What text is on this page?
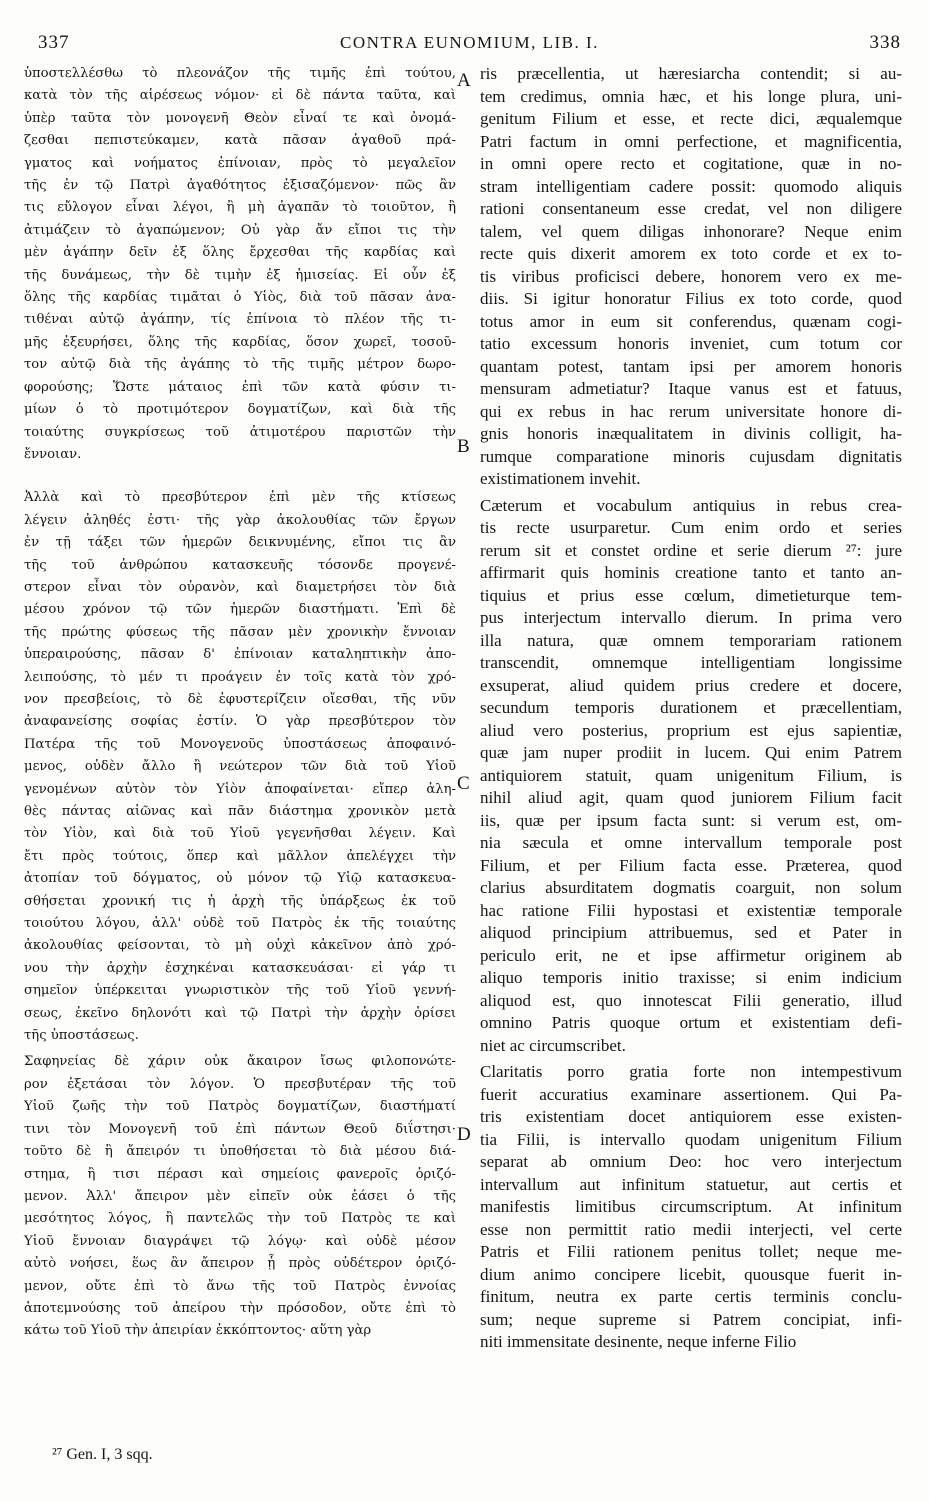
337	CONTRA EUNOMIUM, LIB. I.	338
ὑποστελλέσθω τὸ πλεονάζον τῆς τιμῆς ἐπὶ τούτου,
κατὰ τὸν τῆς αἱρέσεως νόμον· εἰ δὲ πάντα ταῦτα, καὶ
ὑπὲρ ταῦτα τὸν μονογενῆ Θεὸν εἶναί τε καὶ ὀνομά-
ζεσθαι πεπιστεύκαμεν, κατὰ πᾶσαν ἀγαθοῦ πρά-
γματος καὶ νοήματος ἐπίνοιαν, πρὸς τὸ μεγαλεῖον
τῆς ἐν τῷ Πατρὶ ἀγαθότητος ἐξισαζόμενον· πῶς ἂν
τις εὔλογον εἶναι λέγοι, ἢ μὴ ἀγαπᾶν τὸ τοιοῦτον, ἢ
ἀτιμάζειν τὸ ἀγαπώμενον; Οὐ γὰρ ἄν εἴποι τις τὴν
μὲν ἀγάπην δεῖν ἐξ ὅλης ἔρχεσθαι τῆς καρδίας καὶ
τῆς δυνάμεως, τὴν δὲ τιμὴν ἐξ ἡμισείας. Εἰ οὖν ἐξ
ὅλης τῆς καρδίας τιμᾶται ὁ Υἱὸς, διὰ τοῦ πᾶσαν ἀνα-
τιθέναι αὐτῷ ἀγάπην, τίς ἐπίνοια τὸ πλέον τῆς τι-
μῆς ἐξευρήσει, ὅλης τῆς καρδίας, ὅσον χωρεῖ, τοσοῦ-
τον αὐτῷ διὰ τῆς ἀγάπης τὸ τῆς τιμῆς μέτρον δωρο-
φορούσης; Ὥστε μάταιος ἐπὶ τῶν κατὰ φύσιν τι-
μίων ὁ τὸ προτιμότερον δογματίζων, καὶ διὰ τῆς
τοιαύτης συγκρίσεως τοῦ ἀτιμοτέρου παριστῶν τὴν
ἔννοιαν.
Ἀλλὰ καὶ τὸ πρεσβύτερον ἐπὶ μὲν τῆς κτίσεως
λέγειν ἀληθές ἐστι· τῆς γὰρ ἀκολουθίας τῶν ἔργων
ἐν τῇ τάξει τῶν ἡμερῶν δεικνυμένης, εἴποι τις ἂν
τῆς τοῦ ἀνθρώπου κατασκευῆς τόσονδε προγενέ-
στερον εἶναι τὸν οὐρανὸν, καὶ διαμετρήσει τὸν διὰ
μέσου χρόνον τῷ τῶν ἡμερῶν διαστήματι. Ἐπὶ δὲ
τῆς πρώτης φύσεως τῆς πᾶσαν μὲν χρονικὴν ἔννοιαν
ὑπεραιρούσης, πᾶσαν δ' ἐπίνοιαν καταληπτικὴν ἀπο-
λειπούσης, τὸ μέν τι προάγειν ἐν τοῖς κατὰ τὸν χρό-
νον πρεσβείοις, τὸ δὲ ἐφυστερίζειν οἴεσθαι, τῆς νῦν
ἀναφανείσης σοφίας ἐστίν. Ὁ γὰρ πρεσβύτερον τὸν
Πατέρα τῆς τοῦ Μονογενοῦς ὑποστάσεως ἀποφαινό-
μενος, οὐδὲν ἄλλο ἢ νεώτερον τῶν διὰ τοῦ Υἱοῦ
γενομένων αὐτὸν τὸν Υἱὸν ἀποφαίνεται· εἴπερ ἀλη-
θὲς πάντας αἰῶνας καὶ πᾶν διάστημα χρονικὸν μετὰ
τὸν Υἱὸν, καὶ διὰ τοῦ Υἱοῦ γεγενῆσθαι λέγειν. Καὶ
ἔτι πρὸς τούτοις, ὅπερ καὶ μᾶλλον ἀπελέγχει τὴν
ἀτοπίαν τοῦ δόγματος, οὐ μόνον τῷ Υἱῷ κατασκευα-
σθήσεται χρονική τις ἡ ἀρχὴ τῆς ὑπάρξεως ἐκ τοῦ
τοιούτου λόγου, ἀλλ' οὐδὲ τοῦ Πατρὸς ἐκ τῆς τοιαύτης
ἀκολουθίας φείσονται, τὸ μὴ οὐχὶ κἀκεῖνον ἀπὸ χρό-
νου τὴν ἀρχὴν ἐσχηκέναι κατασκευάσαι· εἰ γάρ τι
σημεῖον ὑπέρκειται γνωριστικὸν τῆς τοῦ Υἱοῦ γεννή-
σεως, ἐκεῖνο δηλονότι καὶ τῷ Πατρὶ τὴν ἀρχὴν ὁρίσει
τῆς ὑποστάσεως.
Σαφηνείας δὲ χάριν οὐκ ἄκαιρον ἴσως φιλοπονώτε-
ρον ἐξετάσαι τὸν λόγον. Ὁ πρεσβυτέραν τῆς τοῦ
Υἱοῦ ζωῆς τὴν τοῦ Πατρὸς δογματίζων, διαστήματί
τινι τὸν Μονογενῆ τοῦ ἐπὶ πάντων Θεοῦ διΐστησι·
τοῦτο δὲ ἢ ἄπειρόν τι ὑποθήσεται τὸ διὰ μέσου διά-
στημα, ἢ τισι πέρασι καὶ σημείοις φανεροῖς ὁριζό-
μενον. Ἀλλ' ἄπειρον μὲν εἰπεῖν οὐκ ἐάσει ὁ τῆς
μεσότητος λόγος, ἢ παντελῶς τὴν τοῦ Πατρὸς τε καὶ
Υἱοῦ ἔννοιαν διαγράψει τῷ λόγῳ· καὶ οὐδὲ μέσον
αὐτὸ νοήσει, ἕως ἂν ἄπειρον ᾖ πρὸς οὐδέτερον ὁριζό-
μενον, οὔτε ἐπὶ τὸ ἄνω τῆς τοῦ Πατρὸς ἐννοίας
ἀποτεμνούσης τοῦ ἀπείρου τὴν πρόσοδον, οὔτε ἐπὶ τὸ
κάτω τοῦ Υἱοῦ τὴν ἀπειρίαν ἐκκόπτοντος· αὕτη γὰρ
ris præcellentia, ut hæresiarcha contendit; si au-
tem credimus, omnia hæc, et his longe plura, uni-
genitum Filium et esse, et recte dici, æqualemque
Patri factum in omni perfectione, et magnificentia,
in omni opere recto et cogitatione, quæ in no-
stram intelligentiam cadere possit: quomodo aliquis
rationi consentaneum esse credat, vel non diligere
talem, vel quem diligas inhonorare? Neque enim
recte quis dixerit amorem ex toto corde et ex to-
tis viribus proficisci debere, honorem vero ex me-
diis. Si igitur honoratur Filius ex toto corde, quod
totus amor in eum sit conferendus, quænam cogi-
tatio excessum honoris inveniet, cum totum cor
quantam potest, tantam ipsi per amorem honoris
mensuram admetiatur? Itaque vanus est et fatuus,
qui ex rebus in hac rerum universitate honore di-
gnis honoris inæqualitatem in divinis colligit, ha-
rumque comparatione minoris cujusdam dignitatis
existimationem invehit.
Cæterum et vocabulum antiquius in rebus crea-
tis recte usurparetur. Cum enim ordo et series
rerum sit et constet ordine et serie dierum ²⁷: jure
affirmarit quis hominis creatione tanto et tanto an-
tiquius et prius esse cœlum, dimetieturque tem-
pus interjectum intervallo dierum. In prima vero
illa natura, quæ omnem temporariam rationem
transcendit, omnemque intelligentiam longissime
exsuperat, aliud quidem prius credere et docere,
secundum temporis durationem et præcellentiam,
aliud vero posterius, proprium est ejus sapientiæ,
quæ jam nuper prodiit in lucem. Qui enim Patrem
antiquiorem statuit, quam unigenitum Filium, is
nihil aliud agit, quam quod juniorem Filium facit
iis, quæ per ipsum facta sunt: si verum est, om-
nia sæcula et omne intervallum temporale post
Filium, et per Filium facta esse. Præterea, quod
clarius absurditatem dogmatis coarguit, non solum
hac ratione Filii hypostasi et existentiæ temporale
aliquod principium attribuemus, sed et Pater in
periculo erit, ne et ipse affirmetur originem ab
aliquo temporis initio traxisse; si enim indicium
aliquod est, quo innotescat Filii generatio, illud
omnino Patris quoque ortum et existentiam defi-
niet ac circumscribet.
Claritatis porro gratia forte non intempestivum
fuerit accuratius examinare assertionem. Qui Pa-
tris existentiam docet antiquiorem esse existen-
tia Filii, is intervallo quodam unigenitum Filium
separat ab omnium Deo: hoc vero interjectum
intervallum aut infinitum statuetur, aut certis et
manifestis limitibus circumscriptum. At infinitum
esse non permittit ratio medii interjecti, vel certe
Patris et Filii rationem penitus tollet; neque me-
dium animo concipere licebit, quousque fuerit in-
finitum, neutra ex parte certis terminis conclu-
sum; neque supreme si Patrem concipiat, infi-
niti immensitate desinente, neque inferne Filio
A
B
C
D
²⁷ Gen. I, 3 sqq.
